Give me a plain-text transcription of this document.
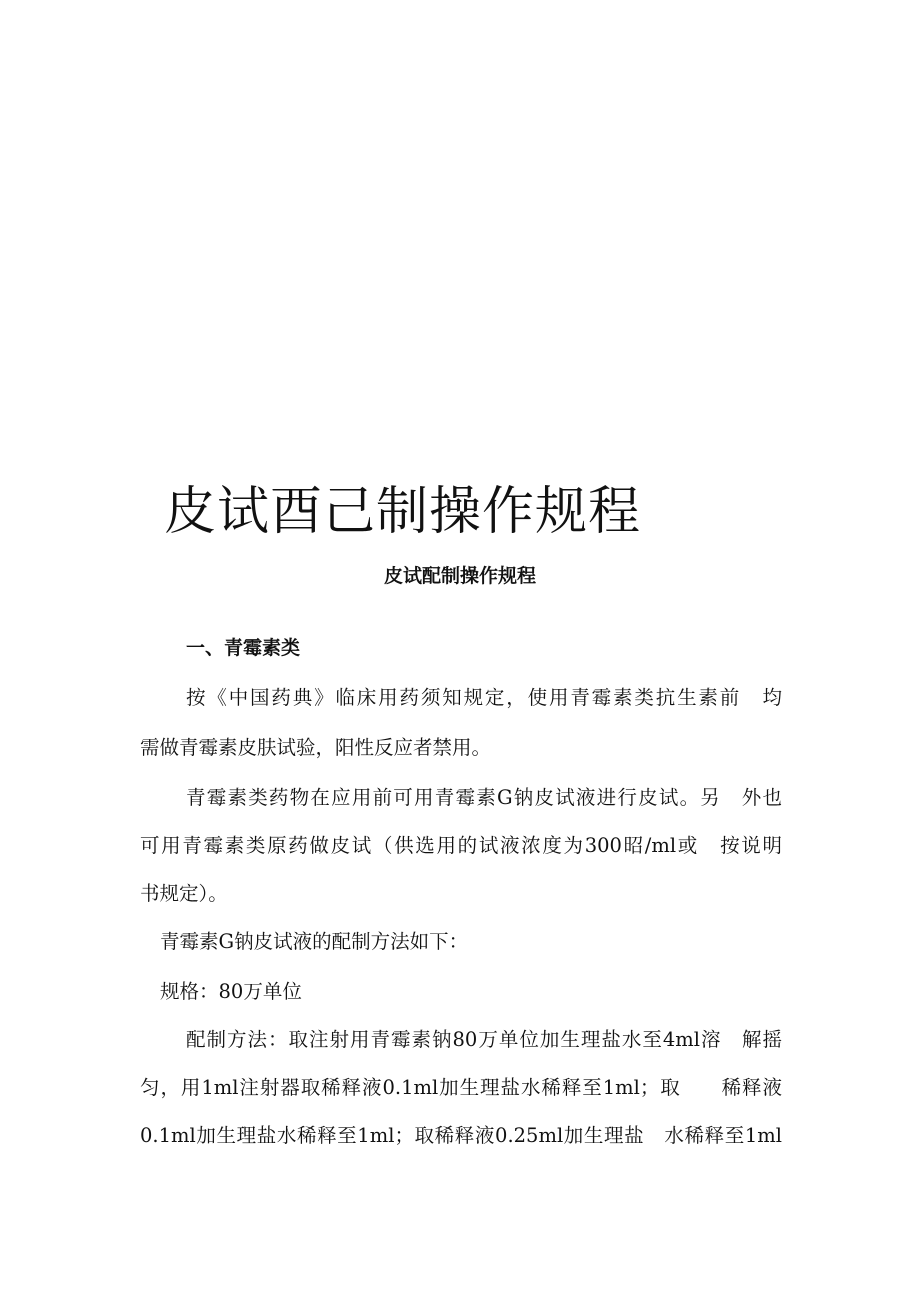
皮试酉己制操作规程
皮试配制操作规程
一、青霉素类
按《中国药典》临床用药须知规定，使用青霉素类抗生素前　均
需做青霉素皮肤试验，阳性反应者禁用。
青霉素类药物在应用前可用青霉素G钠皮试液进行皮试。另　外也
可用青霉素类原药做皮试（供选用的试液浓度为300昭/ml或　按说明
书规定）。
青霉素G钠皮试液的配制方法如下：
规格：80万单位
配制方法：取注射用青霉素钠80万单位加生理盐水至4ml溶　解摇
匀，用1ml注射器取稀释液0.1ml加生理盐水稀释至1ml；取　　稀释液
0.1ml加生理盐水稀释至1ml；取稀释液0.25ml加生理盐　水稀释至1ml
